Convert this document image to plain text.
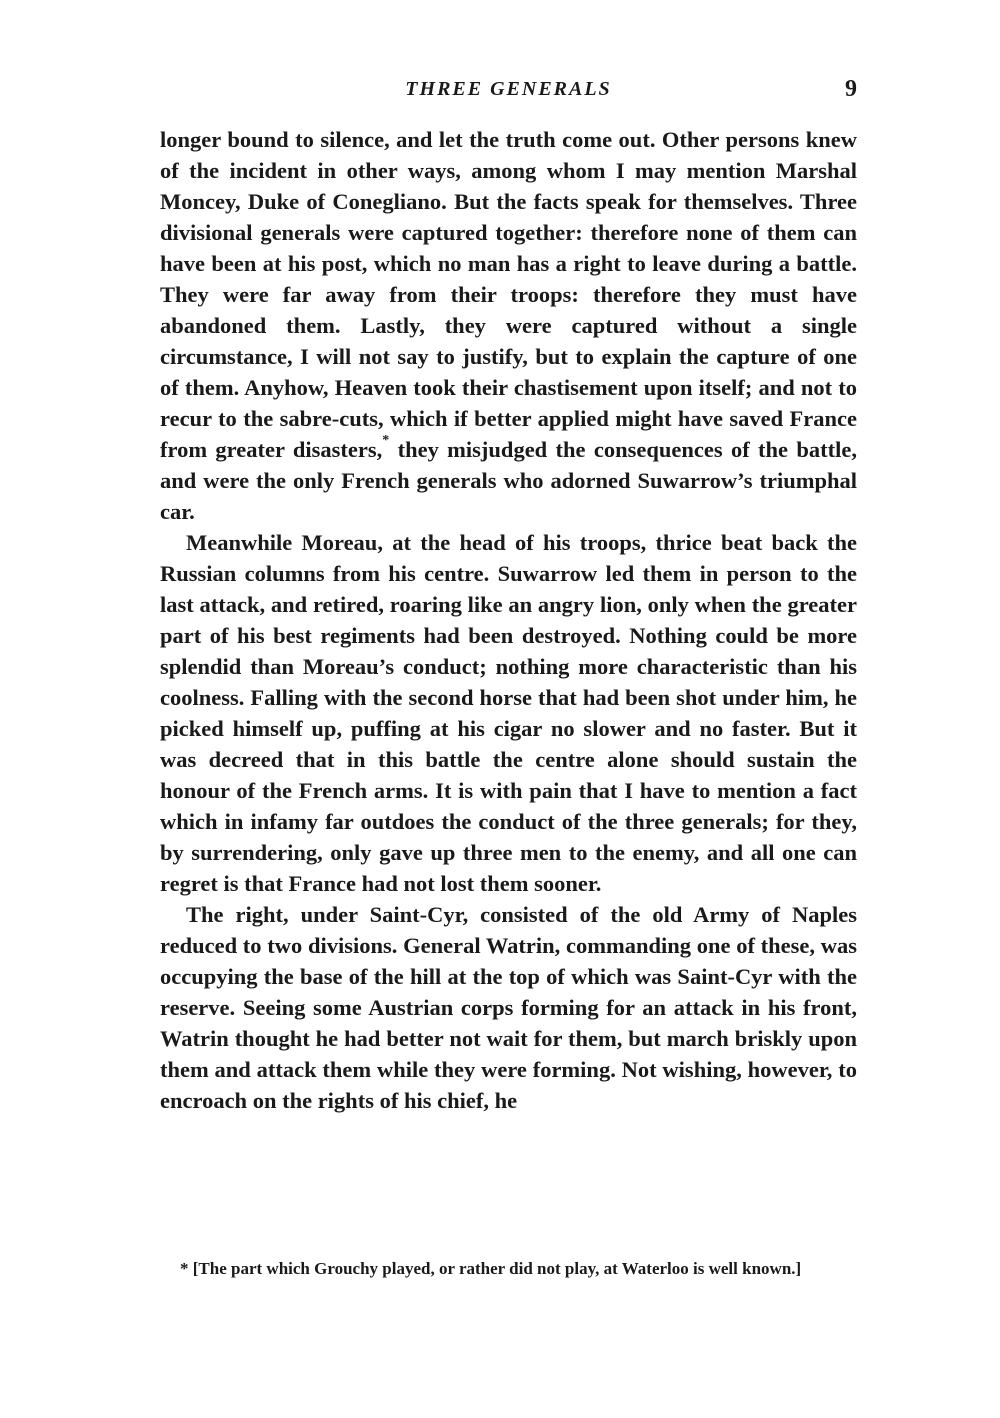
THREE GENERALS	9

longer bound to silence, and let the truth come out. Other persons knew of the incident in other ways, among whom I may mention Marshal Moncey, Duke of Conegliano. But the facts speak for themselves. Three divisional generals were captured together: therefore none of them can have been at his post, which no man has a right to leave during a battle. They were far away from their troops: therefore they must have abandoned them. Lastly, they were captured without a single circumstance, I will not say to justify, but to explain the capture of one of them. Anyhow, Heaven took their chastisement upon itself; and not to recur to the sabre-cuts, which if better applied might have saved France from greater disasters,* they misjudged the consequences of the battle, and were the only French generals who adorned Suwarrow’s triumphal car.

Meanwhile Moreau, at the head of his troops, thrice beat back the Russian columns from his centre. Suwarrow led them in person to the last attack, and retired, roaring like an angry lion, only when the greater part of his best regiments had been destroyed. Nothing could be more splendid than Moreau’s conduct; nothing more characteristic than his coolness. Falling with the second horse that had been shot under him, he picked himself up, puffing at his cigar no slower and no faster. But it was decreed that in this battle the centre alone should sustain the honour of the French arms. It is with pain that I have to mention a fact which in infamy far outdoes the conduct of the three generals; for they, by surrendering, only gave up three men to the enemy, and all one can regret is that France had not lost them sooner.

The right, under Saint-Cyr, consisted of the old Army of Naples reduced to two divisions. General Watrin, commanding one of these, was occupying the base of the hill at the top of which was Saint-Cyr with the reserve. Seeing some Austrian corps forming for an attack in his front, Watrin thought he had better not wait for them, but march briskly upon them and attack them while they were forming. Not wishing, however, to encroach on the rights of his chief, he

* [The part which Grouchy played, or rather did not play, at Waterloo is well known.]
